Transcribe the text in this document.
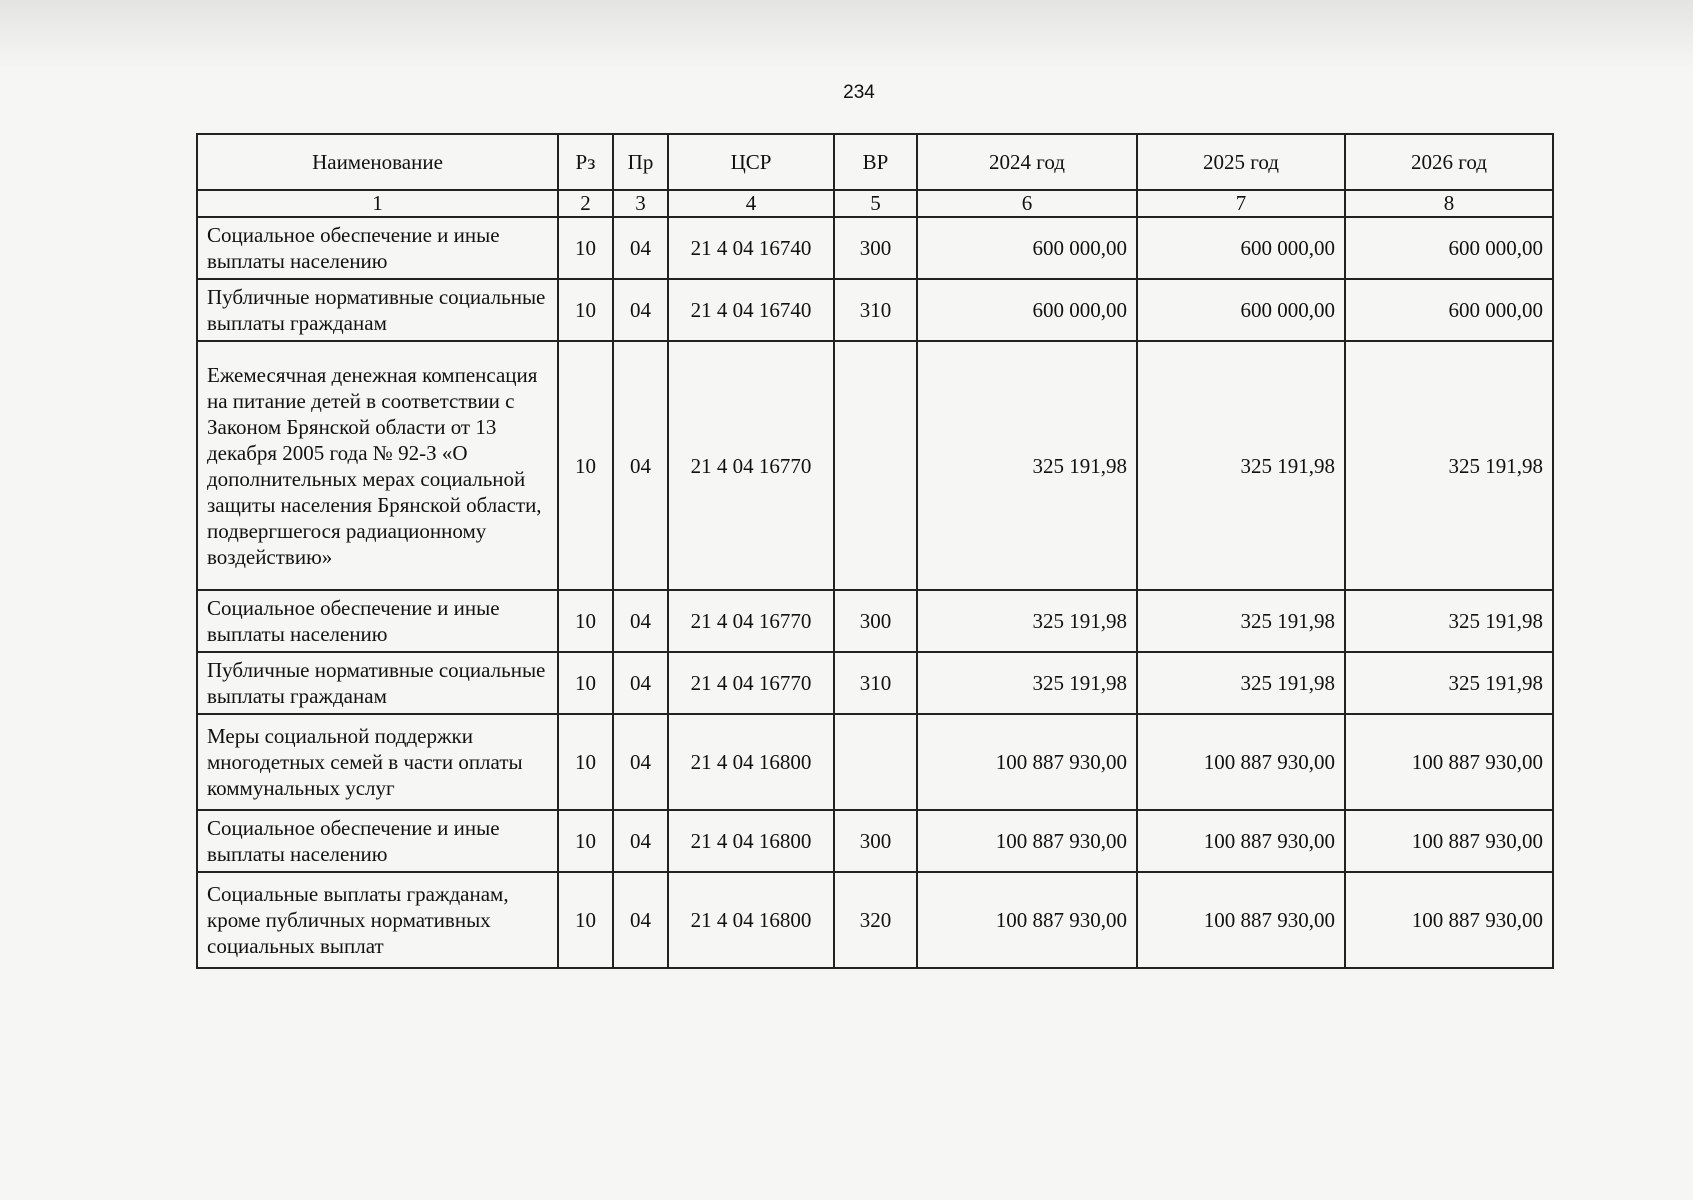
234
Наименование	Рз	Пр	ЦСР	ВР	2024 год	2025 год	2026 год
1	2	3	4	5	6	7	8
Социальное обеспечение и иные выплаты населению	10	04	21 4 04 16740	300	600 000,00	600 000,00	600 000,00
Публичные нормативные социальные выплаты гражданам	10	04	21 4 04 16740	310	600 000,00	600 000,00	600 000,00
Ежемесячная денежная компенсация на питание детей в соответствии с Законом Брянской области от 13 декабря 2005 года № 92-З «О дополнительных мерах социальной защиты населения Брянской области, подвергшегося радиационному воздействию»	10	04	21 4 04 16770		325 191,98	325 191,98	325 191,98
Социальное обеспечение и иные выплаты населению	10	04	21 4 04 16770	300	325 191,98	325 191,98	325 191,98
Публичные нормативные социальные выплаты гражданам	10	04	21 4 04 16770	310	325 191,98	325 191,98	325 191,98
Меры социальной поддержки многодетных семей в части оплаты коммунальных услуг	10	04	21 4 04 16800		100 887 930,00	100 887 930,00	100 887 930,00
Социальное обеспечение и иные выплаты населению	10	04	21 4 04 16800	300	100 887 930,00	100 887 930,00	100 887 930,00
Социальные выплаты гражданам, кроме публичных нормативных социальных выплат	10	04	21 4 04 16800	320	100 887 930,00	100 887 930,00	100 887 930,00
